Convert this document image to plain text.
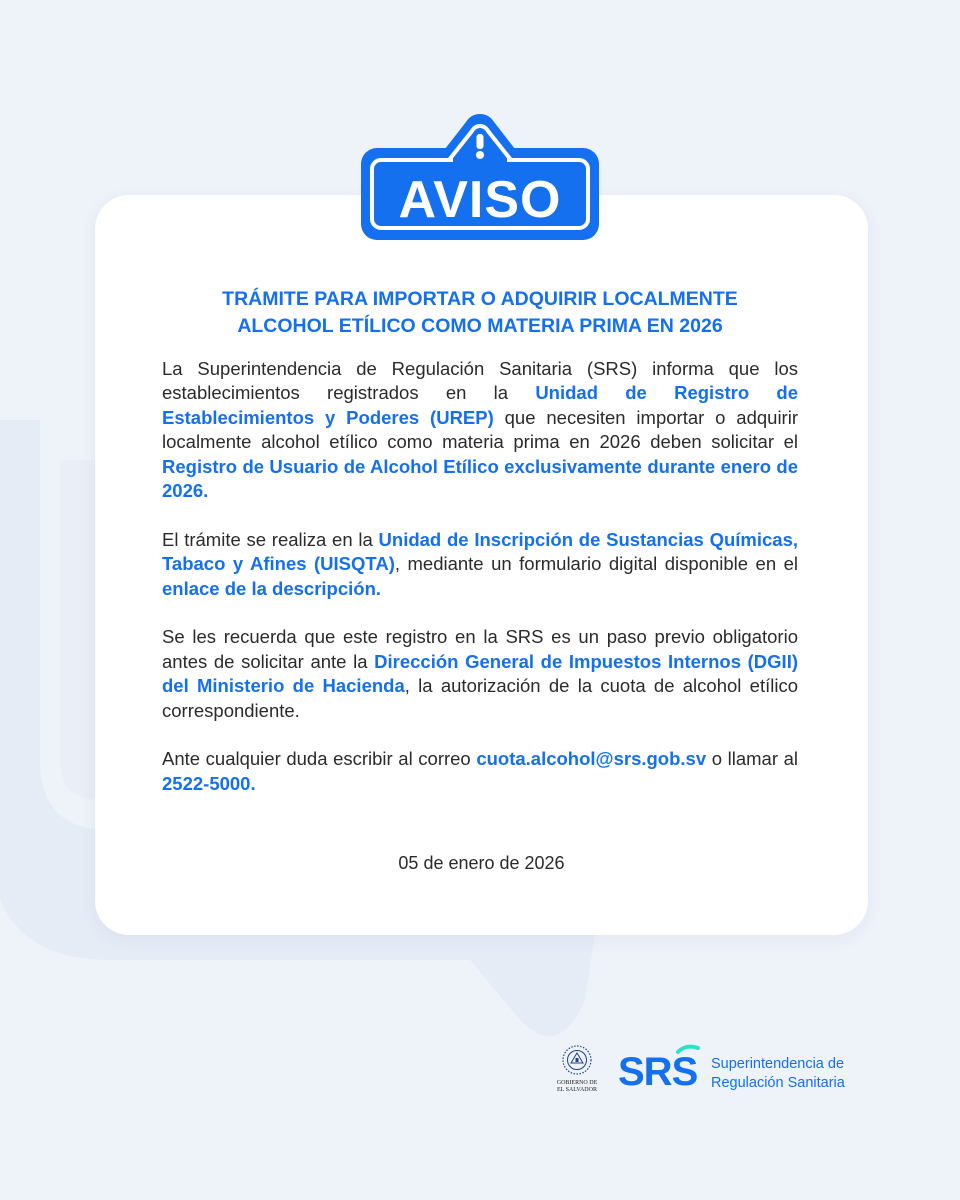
AVISO
TRÁMITE PARA IMPORTAR O ADQUIRIR LOCALMENTE
ALCOHOL ETÍLICO COMO MATERIA PRIMA EN 2026

La Superintendencia de Regulación Sanitaria (SRS) informa que los establecimientos registrados en la Unidad de Registro de Establecimientos y Poderes (UREP) que necesiten importar o adquirir localmente alcohol etílico como materia prima en 2026 deben solicitar el Registro de Usuario de Alcohol Etílico exclusivamente durante enero de 2026.

El trámite se realiza en la Unidad de Inscripción de Sustancias Químicas, Tabaco y Afines (UISQTA), mediante un formulario digital disponible en el enlace de la descripción.

Se les recuerda que este registro en la SRS es un paso previo obligatorio antes de solicitar ante la Dirección General de Impuestos Internos (DGII) del Ministerio de Hacienda, la autorización de la cuota de alcohol etílico correspondiente.

Ante cualquier duda escribir al correo cuota.alcohol@srs.gob.sv o llamar al 2522-5000.

05 de enero de 2026
GOBIERNO DE
EL SALVADOR SRS Superintendencia de
Regulación Sanitaria
